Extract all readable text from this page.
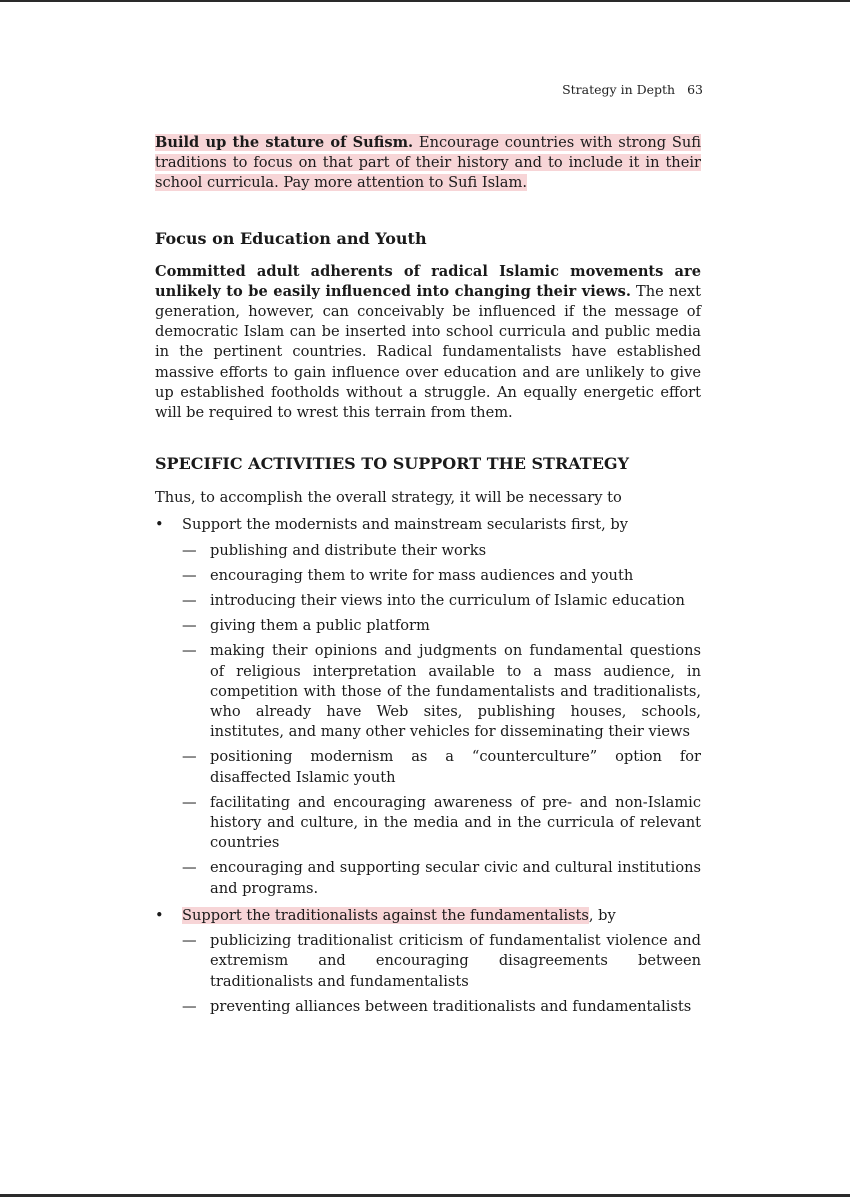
Strategy in Depth 63

Build up the stature of Sufism. Encourage countries with strong Sufi traditions to focus on that part of their history and to include it in their school curricula. Pay more attention to Sufi Islam.

Focus on Education and Youth

Committed adult adherents of radical Islamic movements are unlikely to be easily influenced into changing their views. The next generation, however, can conceivably be influenced if the message of democratic Islam can be inserted into school curricula and public media in the pertinent countries. Radical fundamentalists have established massive efforts to gain influence over education and are unlikely to give up established footholds without a struggle. An equally energetic effort will be required to wrest this terrain from them.

SPECIFIC ACTIVITIES TO SUPPORT THE STRATEGY

Thus, to accomplish the overall strategy, it will be necessary to

• Support the modernists and mainstream secularists first, by
— publishing and distribute their works
— encouraging them to write for mass audiences and youth
— introducing their views into the curriculum of Islamic education
— giving them a public platform
— making their opinions and judgments on fundamental questions of religious interpretation available to a mass audience, in competition with those of the fundamentalists and traditionalists, who already have Web sites, publishing houses, schools, institutes, and many other vehicles for disseminating their views
— positioning modernism as a “counterculture” option for disaffected Islamic youth
— facilitating and encouraging awareness of pre- and non-Islamic history and culture, in the media and in the curricula of relevant countries
— encouraging and supporting secular civic and cultural institutions and programs.
• Support the traditionalists against the fundamentalists, by
— publicizing traditionalist criticism of fundamentalist violence and extremism and encouraging disagreements between traditionalists and fundamentalists
— preventing alliances between traditionalists and fundamentalists
